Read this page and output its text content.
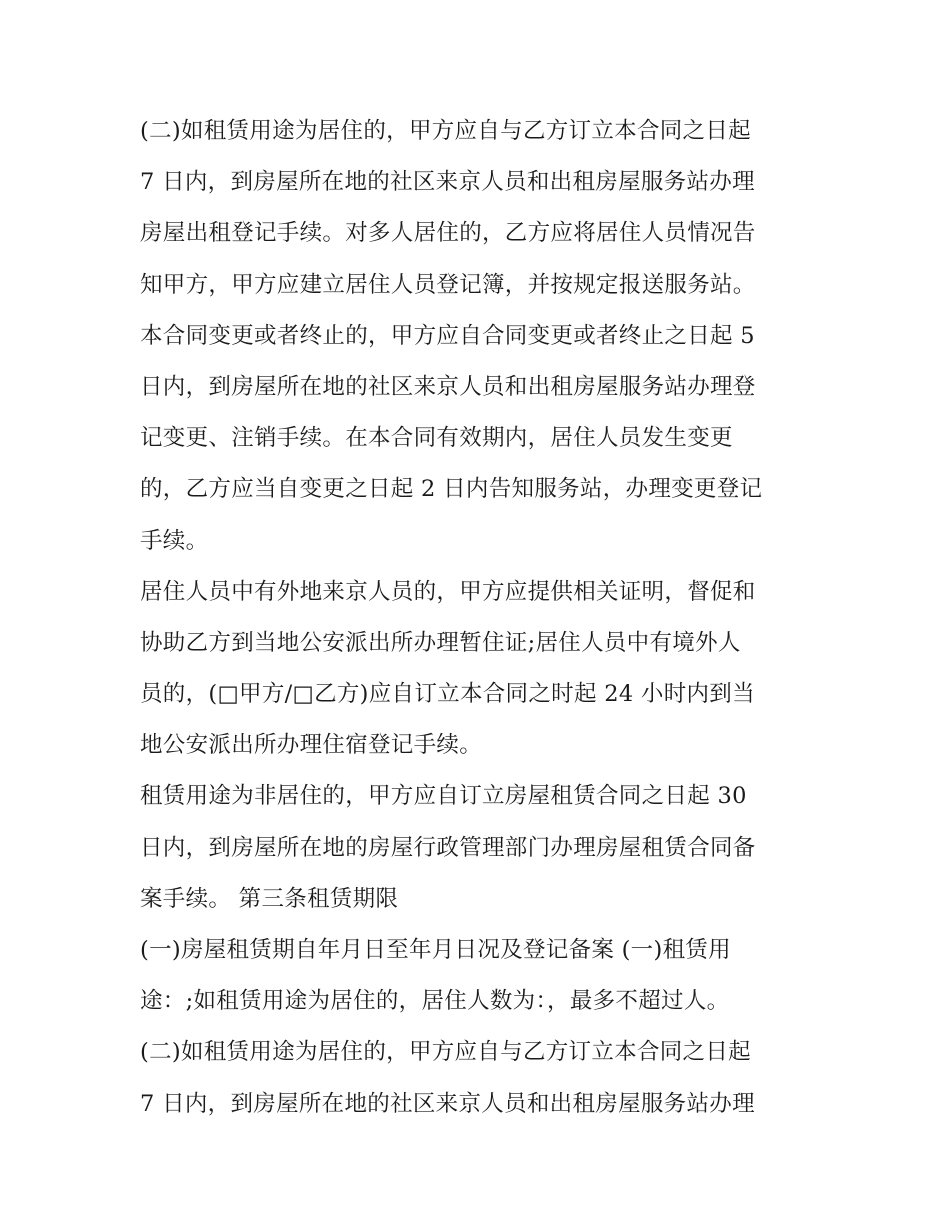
(二)如租赁用途为居住的，甲方应自与乙方订立本合同之日起
7 日内，到房屋所在地的社区来京人员和出租房屋服务站办理
房屋出租登记手续。对多人居住的，乙方应将居住人员情况告
知甲方，甲方应建立居住人员登记簿，并按规定报送服务站。
本合同变更或者终止的，甲方应自合同变更或者终止之日起 5
日内，到房屋所在地的社区来京人员和出租房屋服务站办理登
记变更、注销手续。在本合同有效期内，居住人员发生变更
的，乙方应当自变更之日起 2 日内告知服务站，办理变更登记
手续。
居住人员中有外地来京人员的，甲方应提供相关证明，督促和
协助乙方到当地公安派出所办理暂住证;居住人员中有境外人
员的，(□甲方/□乙方)应自订立本合同之时起 24 小时内到当
地公安派出所办理住宿登记手续。
租赁用途为非居住的，甲方应自订立房屋租赁合同之日起 30
日内，到房屋所在地的房屋行政管理部门办理房屋租赁合同备
案手续。 第三条租赁期限
(一)房屋租赁期自年月日至年月日况及登记备案 (一)租赁用
途：;如租赁用途为居住的，居住人数为：，最多不超过人。
(二)如租赁用途为居住的，甲方应自与乙方订立本合同之日起
7 日内，到房屋所在地的社区来京人员和出租房屋服务站办理
